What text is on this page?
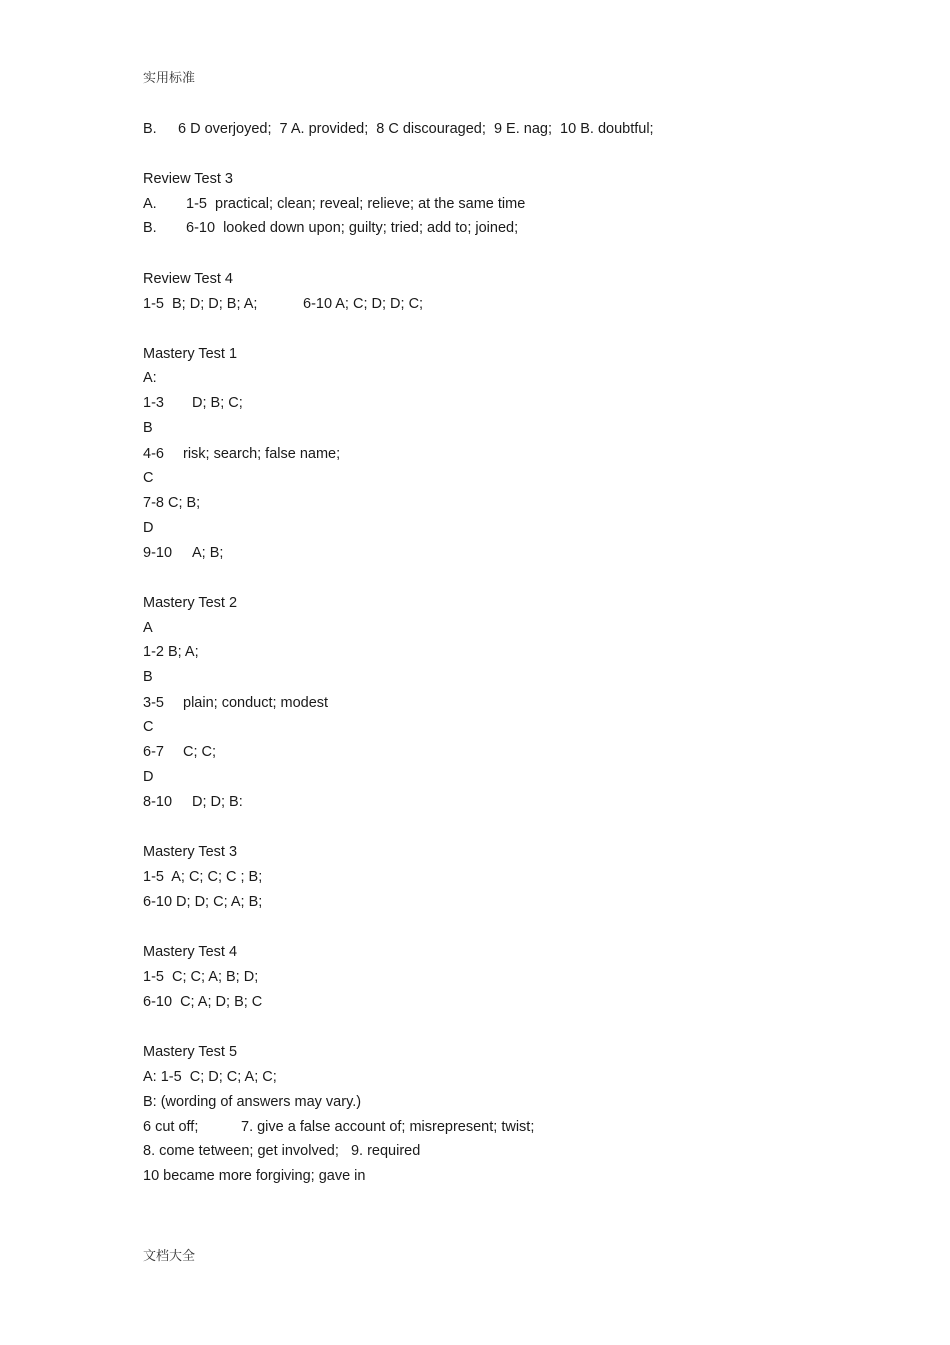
实用标准
B. 6 D overjoyed;  7 A. provided;  8 C discouraged;  9 E. nag;  10 B. doubtful;
Review Test 3
A. 1-5  practical; clean; reveal; relieve; at the same time
B. 6-10  looked down upon; guilty; tried; add to; joined;
Review Test 4
1-5  B; D; D; B; A;	6-10 A; C; D; D; C;
Mastery Test 1
A:
1-3 D; B; C;
B
4-6 risk; search; false name;
C
7-8 C; B;
D
9-10 A; B;
Mastery Test 2
A
1-2 B; A;
B
3-5 plain; conduct; modest
C
6-7 C; C;
D
8-10 D; D; B:
Mastery Test 3
1-5  A; C; C; C ; B;
6-10 D; D; C; A; B;
Mastery Test 4
1-5  C; C; A; B; D;
6-10  C; A; D; B; C
Mastery Test 5
A: 1-5  C; D; C; A; C;
B: (wording of answers may vary.)
6 cut off;	7. give a false account of; misrepresent; twist;
8. come tetween; get involved;   9. required
10 became more forgiving; gave in
文档大全
